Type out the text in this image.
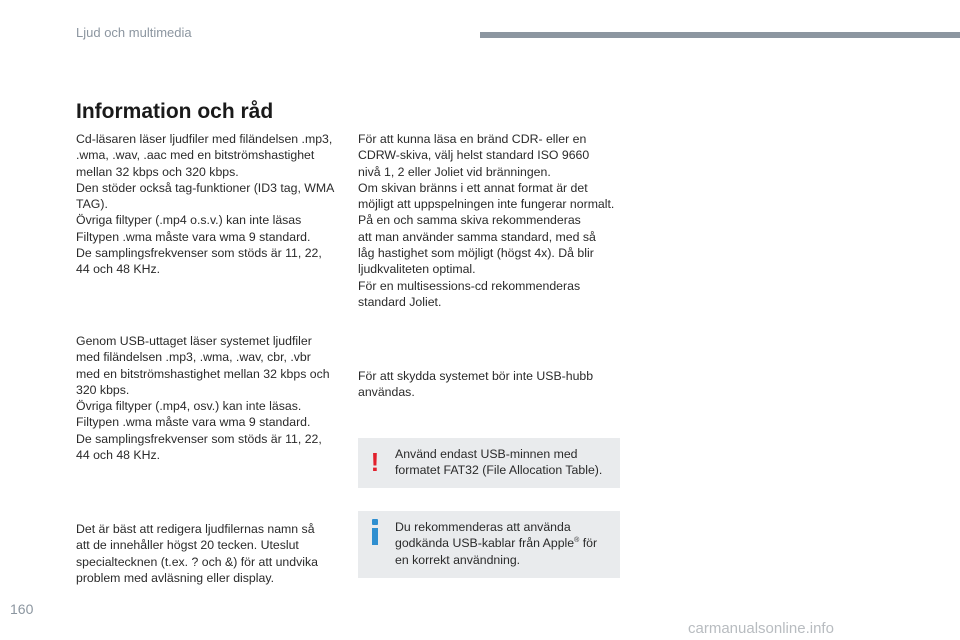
Ljud och multimedia
Information och råd

Cd-läsaren läser ljudfiler med filändelsen .mp3,
.wma, .wav, .aac med en bitströmshastighet
mellan 32 kbps och 320 kbps.
Den stöder också tag-funktioner (ID3 tag, WMA
TAG).
Övriga filtyper (.mp4 o.s.v.) kan inte läsas
Filtypen .wma måste vara wma 9 standard.
De samplingsfrekvenser som stöds är 11, 22,
44 och 48 KHz.

Genom USB-uttaget läser systemet ljudfiler
med filändelsen .mp3, .wma, .wav, cbr, .vbr
med en bitströmshastighet mellan 32 kbps och
320 kbps.
Övriga filtyper (.mp4, osv.) kan inte läsas.
Filtypen .wma måste vara wma 9 standard.
De samplingsfrekvenser som stöds är 11, 22,
44 och 48 KHz.

Det är bäst att redigera ljudfilernas namn så
att de innehåller högst 20 tecken. Uteslut
specialtecknen (t.ex. ? och &) för att undvika
problem med avläsning eller display.

För att kunna läsa en bränd CDR- eller en
CDRW-skiva, välj helst standard ISO 9660
nivå 1, 2 eller Joliet vid bränningen.
Om skivan bränns i ett annat format är det
möjligt att uppspelningen inte fungerar normalt.
På en och samma skiva rekommenderas
att man använder samma standard, med så
låg hastighet som möjligt (högst 4x). Då blir
ljudkvaliteten optimal.
För en multisessions-cd rekommenderas
standard Joliet.

För att skydda systemet bör inte USB-hubb
användas.

! Använd endast USB-minnen med
formatet FAT32 (File Allocation Table).
Du rekommenderas att använda
godkända USB-kablar från Apple® för
en korrekt användning.
160
carmanualsonline.info
